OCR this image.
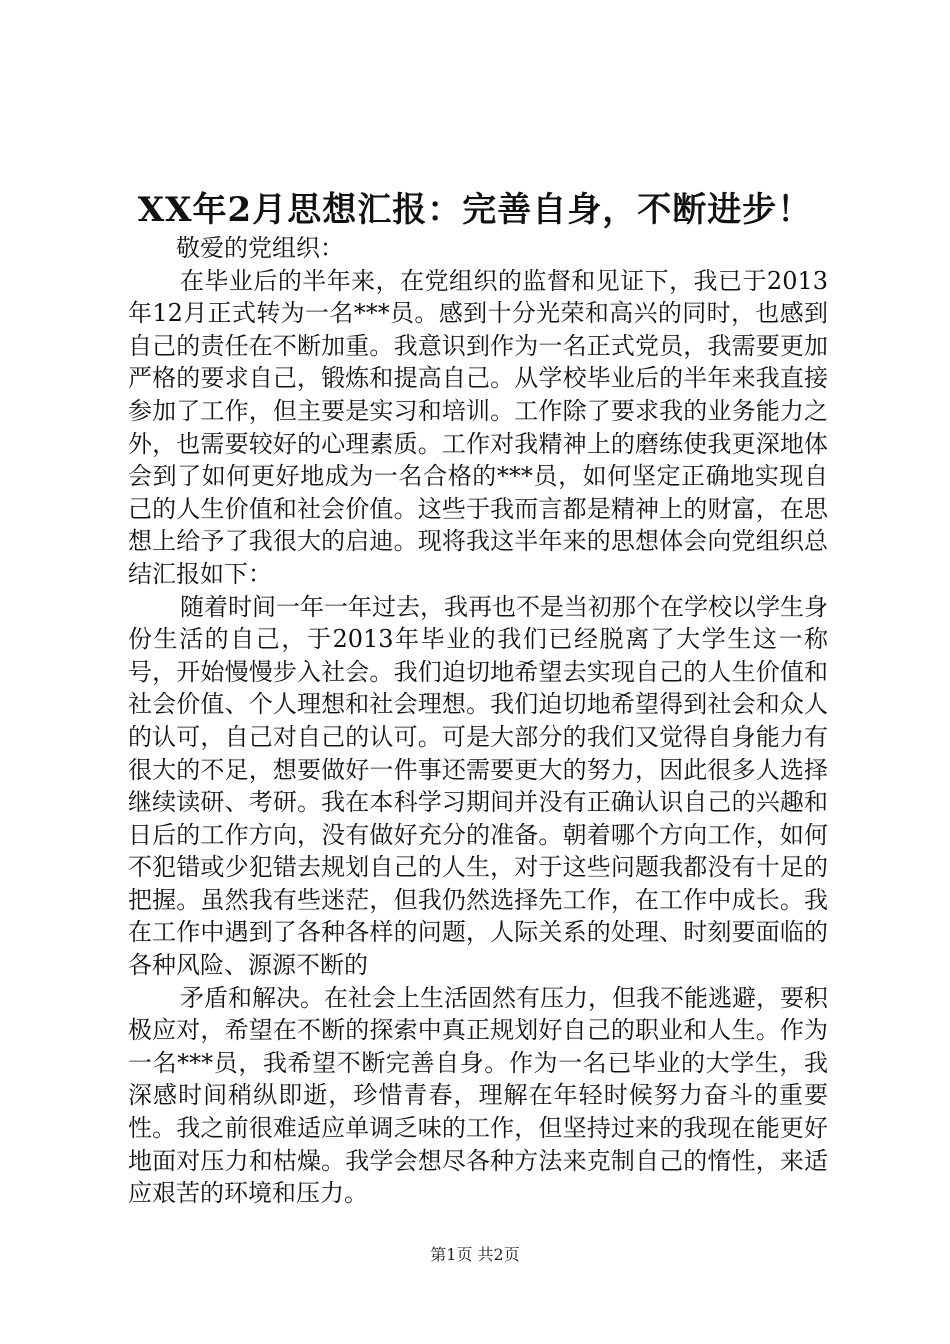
XX年2月思想汇报：完善自身，不断进步！

敬爱的党组织：

在毕业后的半年来，在党组织的监督和见证下，我已于2013年12月正式转为一名***员。感到十分光荣和高兴的同时，也感到自己的责任在不断加重。我意识到作为一名正式党员，我需要更加严格的要求自己，锻炼和提高自己。从学校毕业后的半年来我直接参加了工作，但主要是实习和培训。工作除了要求我的业务能力之外，也需要较好的心理素质。工作对我精神上的磨练使我更深地体会到了如何更好地成为一名合格的***员，如何坚定正确地实现自己的人生价值和社会价值。这些于我而言都是精神上的财富，在思想上给予了我很大的启迪。现将我这半年来的思想体会向党组织总结汇报如下：

随着时间一年一年过去，我再也不是当初那个在学校以学生身份生活的自己，于2013年毕业的我们已经脱离了大学生这一称号，开始慢慢步入社会。我们迫切地希望去实现自己的人生价值和社会价值、个人理想和社会理想。我们迫切地希望得到社会和众人的认可，自己对自己的认可。可是大部分的我们又觉得自身能力有很大的不足，想要做好一件事还需要更大的努力，因此很多人选择继续读研、考研。我在本科学习期间并没有正确认识自己的兴趣和日后的工作方向，没有做好充分的准备。朝着哪个方向工作，如何不犯错或少犯错去规划自己的人生，对于这些问题我都没有十足的把握。虽然我有些迷茫，但我仍然选择先工作，在工作中成长。我在工作中遇到了各种各样的问题，人际关系的处理、时刻要面临的各种风险、源源不断的

矛盾和解决。在社会上生活固然有压力，但我不能逃避，要积极应对，希望在不断的探索中真正规划好自己的职业和人生。作为一名***员，我希望不断完善自身。作为一名已毕业的大学生，我深感时间稍纵即逝，珍惜青春，理解在年轻时候努力奋斗的重要性。我之前很难适应单调乏味的工作，但坚持过来的我现在能更好地面对压力和枯燥。我学会想尽各种方法来克制自己的惰性，来适应艰苦的环境和压力。

第1页 共2页
